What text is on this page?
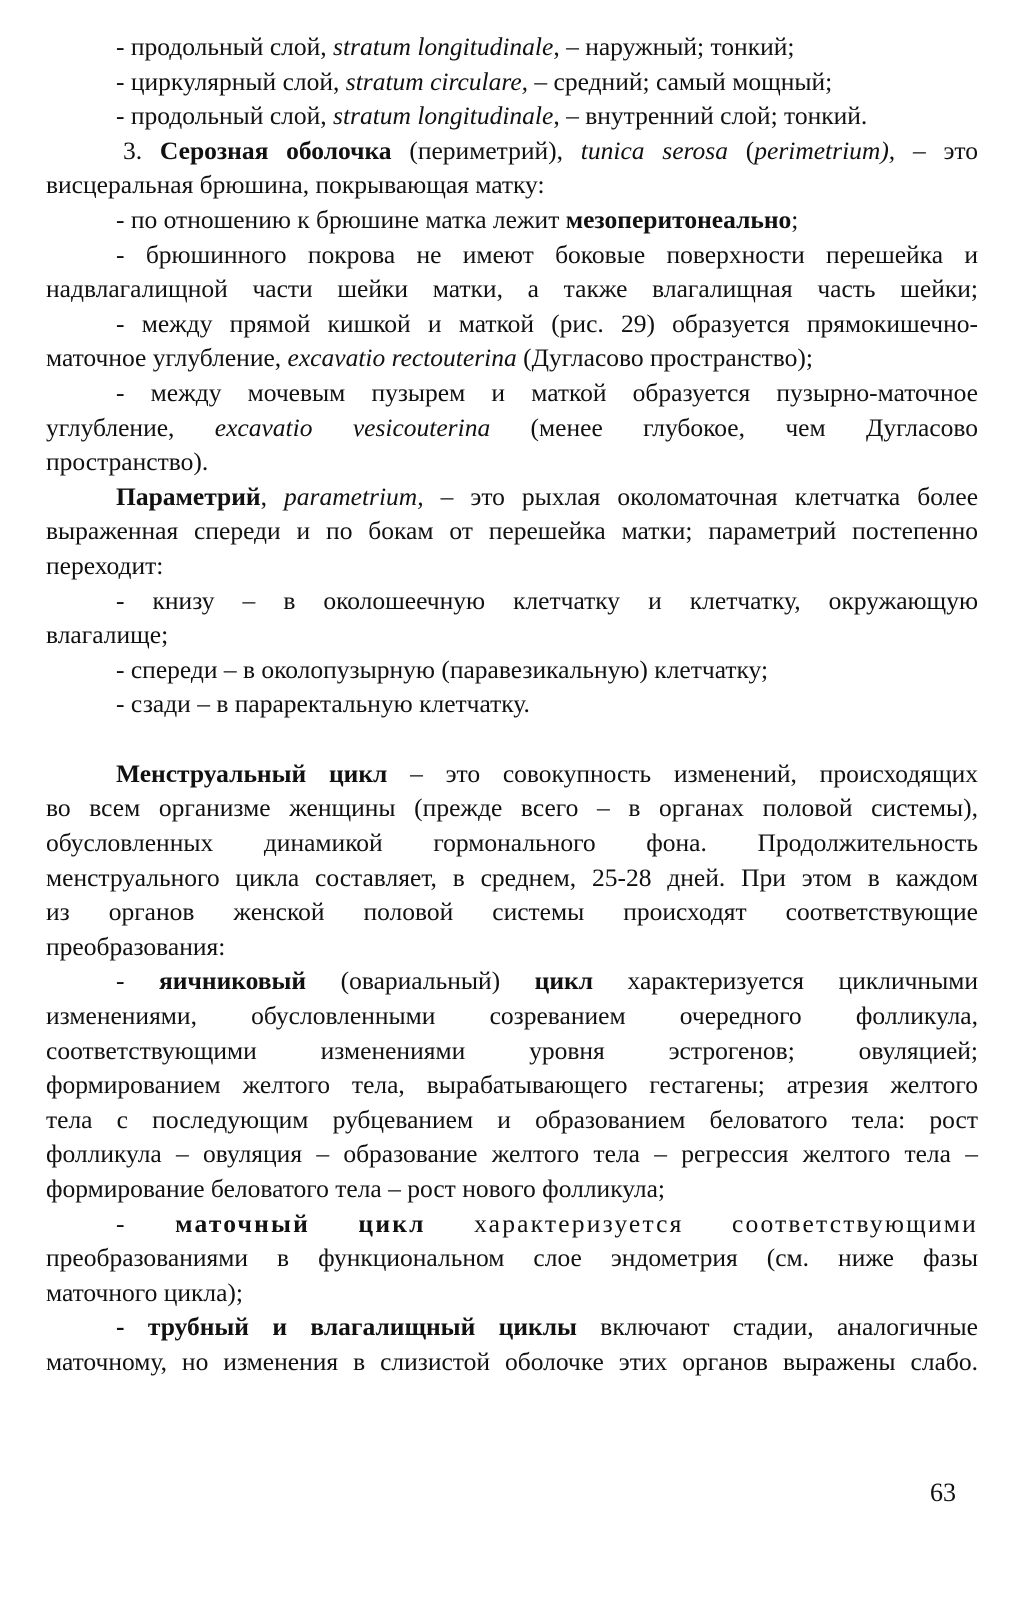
- продольный слой, stratum longitudinale, – наружный; тонкий;
- циркулярный слой, stratum circulare, – средний; самый мощный;
- продольный слой, stratum longitudinale, – внутренний слой; тонкий.
3. Серозная оболочка (периметрий), tunica serosa (perimetrium), – это
висцеральная брюшина, покрывающая матку:
- по отношению к брюшине матка лежит мезоперитонеально;
- брюшинного покрова не имеют боковые поверхности перешейка и
надвлагалищной части шейки матки, а также влагалищная часть шейки;
- между прямой кишкой и маткой (рис. 29) образуется прямокишечно-
маточное углубление, excavatio rectouterina (Дугласово пространство);
- между мочевым пузырем и маткой образуется пузырно-маточное
углубление, excavatio vesicouterina (менее глубокое, чем Дугласово
пространство).
Параметрий, parametrium, – это рыхлая околоматочная клетчатка более
выраженная спереди и по бокам от перешейка матки; параметрий постепенно
переходит:
- книзу – в околошеечную клетчатку и клетчатку, окружающую
влагалище;
- спереди – в околопузырную (паравезикальную) клетчатку;
- сзади – в параректальную клетчатку.
Менструальный цикл – это совокупность изменений, происходящих
во всем организме женщины (прежде всего – в органах половой системы),
обусловленных динамикой гормонального фона. Продолжительность
менструального цикла составляет, в среднем, 25-28 дней. При этом в каждом
из органов женской половой системы происходят соответствующие
преобразования:
- яичниковый (овариальный) цикл характеризуется цикличными
изменениями, обусловленными созреванием очередного фолликула,
соответствующими изменениями уровня эстрогенов; овуляцией;
формированием желтого тела, вырабатывающего гестагены; атрезия желтого
тела с последующим рубцеванием и образованием беловатого тела: рост
фолликула – овуляция – образование желтого тела – регрессия желтого тела –
формирование беловатого тела – рост нового фолликула;
- маточный цикл характеризуется соответствующими
преобразованиями в функциональном слое эндометрия (см. ниже фазы
маточного цикла);
- трубный и влагалищный циклы включают стадии, аналогичные
маточному, но изменения в слизистой оболочке этих органов выражены слабо.
63
